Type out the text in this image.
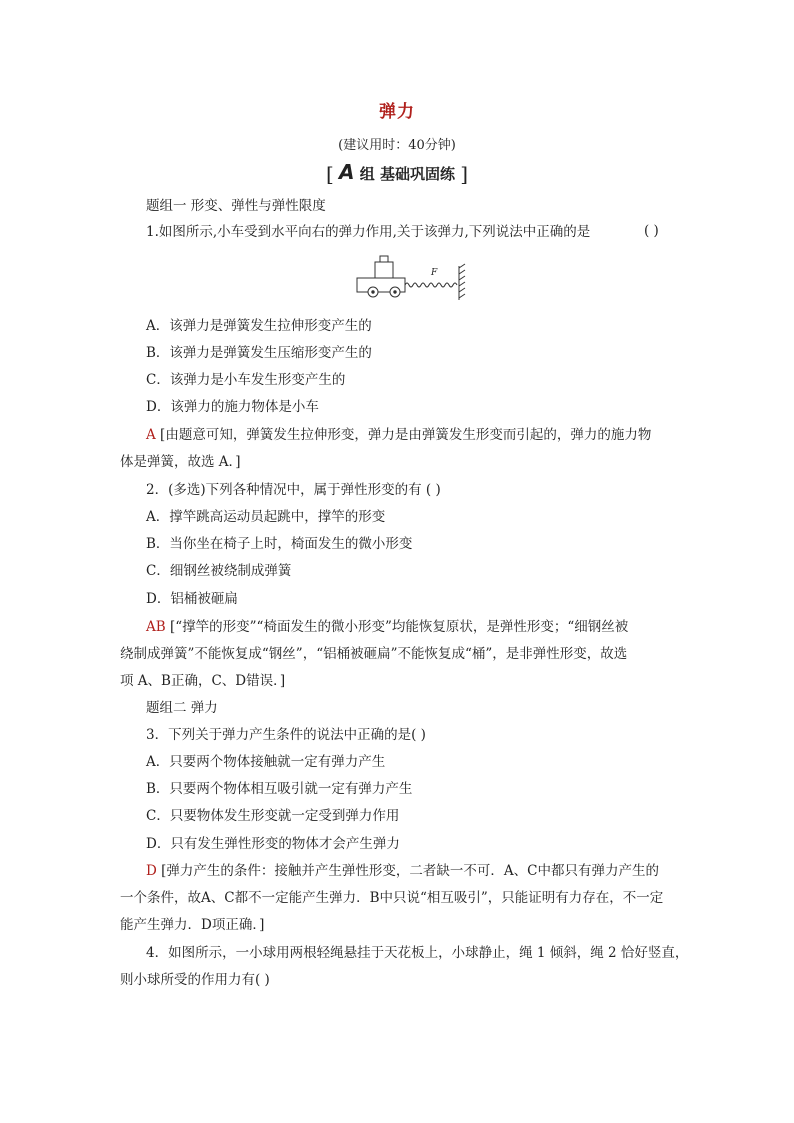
弹力
(建议用时：40分钟)
[ A 组 基础巩固练 ]
题组一 形变、弹性与弹性限度
1.如图所示,小车受到水平向右的弹力作用,关于该弹力,下列说法中正确的是	( )
F
A．该弹力是弹簧发生拉伸形变产生的
B．该弹力是弹簧发生压缩形变产生的
C．该弹力是小车发生形变产生的
D．该弹力的施力物体是小车
A [由题意可知，弹簧发生拉伸形变，弹力是由弹簧发生形变而引起的，弹力的施力物
体是弹簧，故选 A．]
2．(多选)下列各种情况中，属于弹性形变的有 ( )
A．撑竿跳高运动员起跳中，撑竿的形变
B．当你坐在椅子上时，椅面发生的微小形变
C．细钢丝被绕制成弹簧
D．铝桶被砸扁
AB [“撑竿的形变”“椅面发生的微小形变”均能恢复原状，是弹性形变；“细钢丝被
绕制成弹簧”不能恢复成“钢丝”，“铝桶被砸扁”不能恢复成“桶”，是非弹性形变，故选
项 A、B正确，C、D错误．]
题组二 弹力
3．下列关于弹力产生条件的说法中正确的是( )
A．只要两个物体接触就一定有弹力产生
B．只要两个物体相互吸引就一定有弹力产生
C．只要物体发生形变就一定受到弹力作用
D．只有发生弹性形变的物体才会产生弹力
D [弹力产生的条件：接触并产生弹性形变，二者缺一不可．A、C中都只有弹力产生的
一个条件，故A、C都不一定能产生弹力．B中只说“相互吸引”，只能证明有力存在，不一定
能产生弹力．D项正确．]
4．如图所示，一小球用两根轻绳悬挂于天花板上，小球静止，绳 1 倾斜，绳 2 恰好竖直，
则小球所受的作用力有( )
